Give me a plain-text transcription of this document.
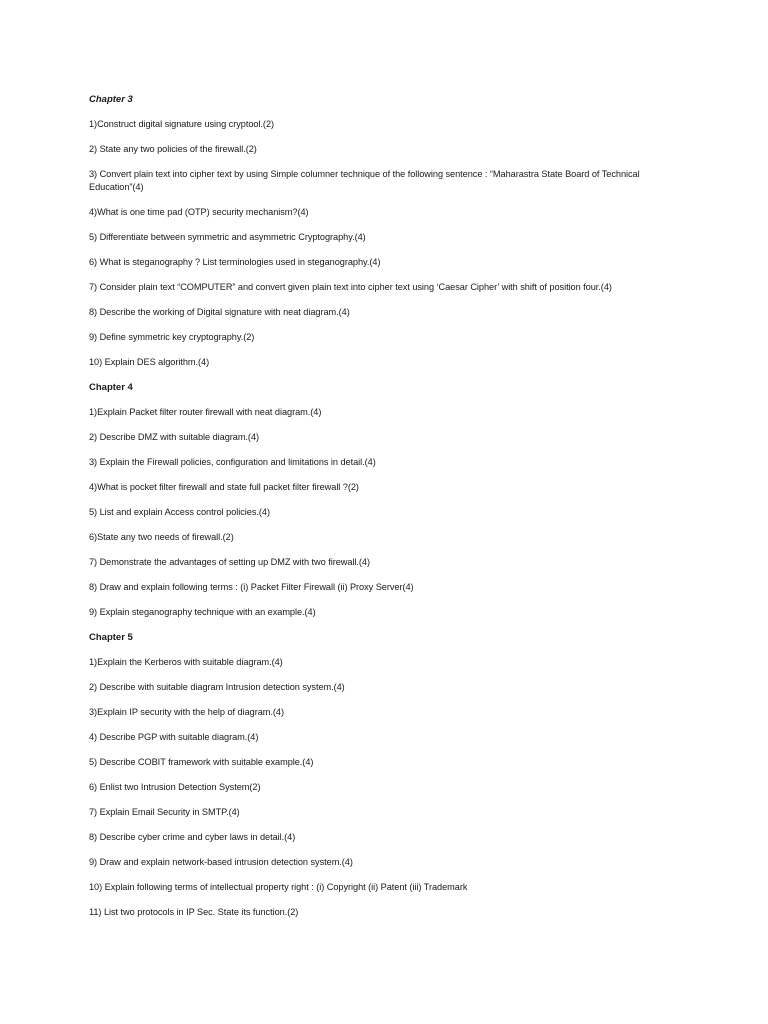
Chapter 3

1)Construct digital signature using cryptool.(2)

2) State any two policies of the firewall.(2)

3) Convert plain text into cipher text by using Simple columner technique of the following sentence : “Maharastra State Board of Technical Education”(4)

4)What is one time pad (OTP) security mechanism?(4)

5) Differentiate between symmetric and asymmetric Cryptography.(4)

6) What is steganography ? List terminologies used in steganography.(4)

7) Consider plain text “COMPUTER” and convert given plain text into cipher text using ‘Caesar Cipher’ with shift of position four.(4)

8) Describe the working of Digital signature with neat diagram.(4)

9) Define symmetric key cryptography.(2)

10) Explain DES algorithm.(4)

Chapter 4

1)Explain Packet filter router firewall with neat diagram.(4)

2) Describe DMZ with suitable diagram.(4)

3) Explain the Firewall policies, configuration and limitations in detail.(4)

4)What is pocket filter firewall and state full packet filter firewall ?(2)

5) List and explain Access control policies.(4)

6)State any two needs of firewall.(2)

7) Demonstrate the advantages of setting up DMZ with two firewall.(4)

8) Draw and explain following terms : (i) Packet Filter Firewall (ii) Proxy Server(4)

9) Explain steganography technique with an example.(4)

Chapter 5

1)Explain the Kerberos with suitable diagram.(4)

2) Describe with suitable diagram Intrusion detection system.(4)

3)Explain IP security with the help of diagram.(4)

4) Describe PGP with suitable diagram.(4)

5) Describe COBIT framework with suitable example.(4)

6) Enlist two Intrusion Detection System(2)

7) Explain Email Security in SMTP.(4)

8) Describe cyber crime and cyber laws in detail.(4)

9) Draw and explain network-based intrusion detection system.(4)

10) Explain following terms of intellectual property right : (i) Copyright (ii) Patent (iii) Trademark

11) List two protocols in IP Sec. State its function.(2)
